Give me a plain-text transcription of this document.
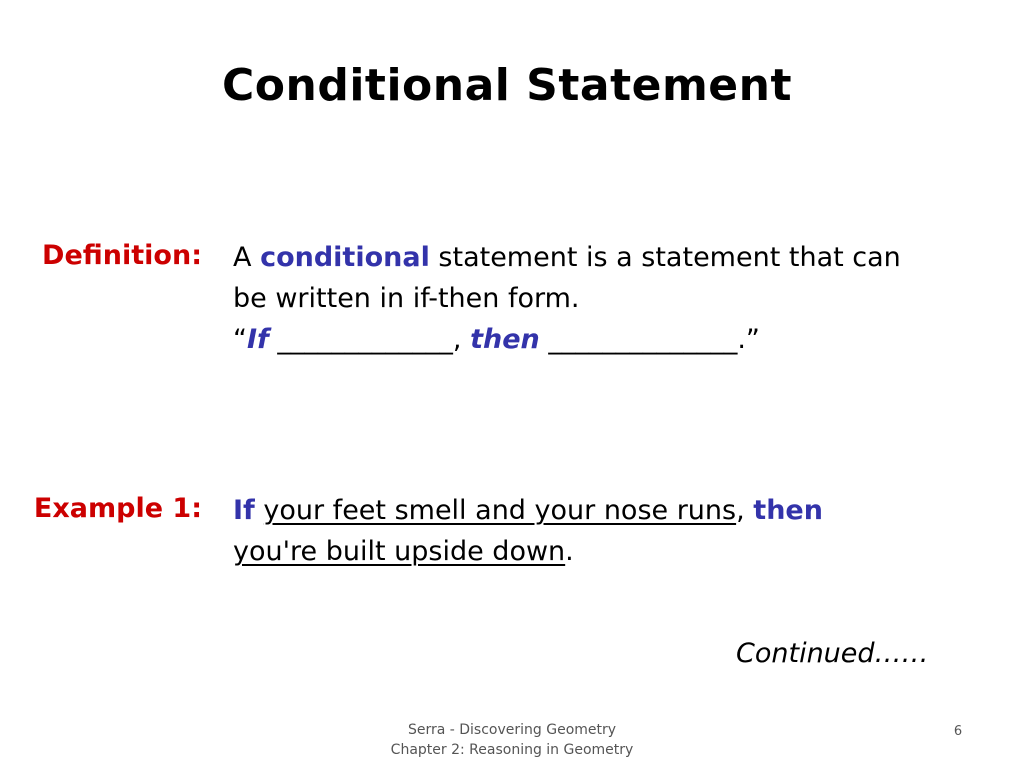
Conditional Statement
Definition: A conditional statement is a statement that can
be written in if-then form.
“If _____________, then ______________.”
Example 1: If your feet smell and your nose runs, then
you're built upside down.
Continued……
Serra - Discovering Geometry
Chapter 2: Reasoning in Geometry
6
